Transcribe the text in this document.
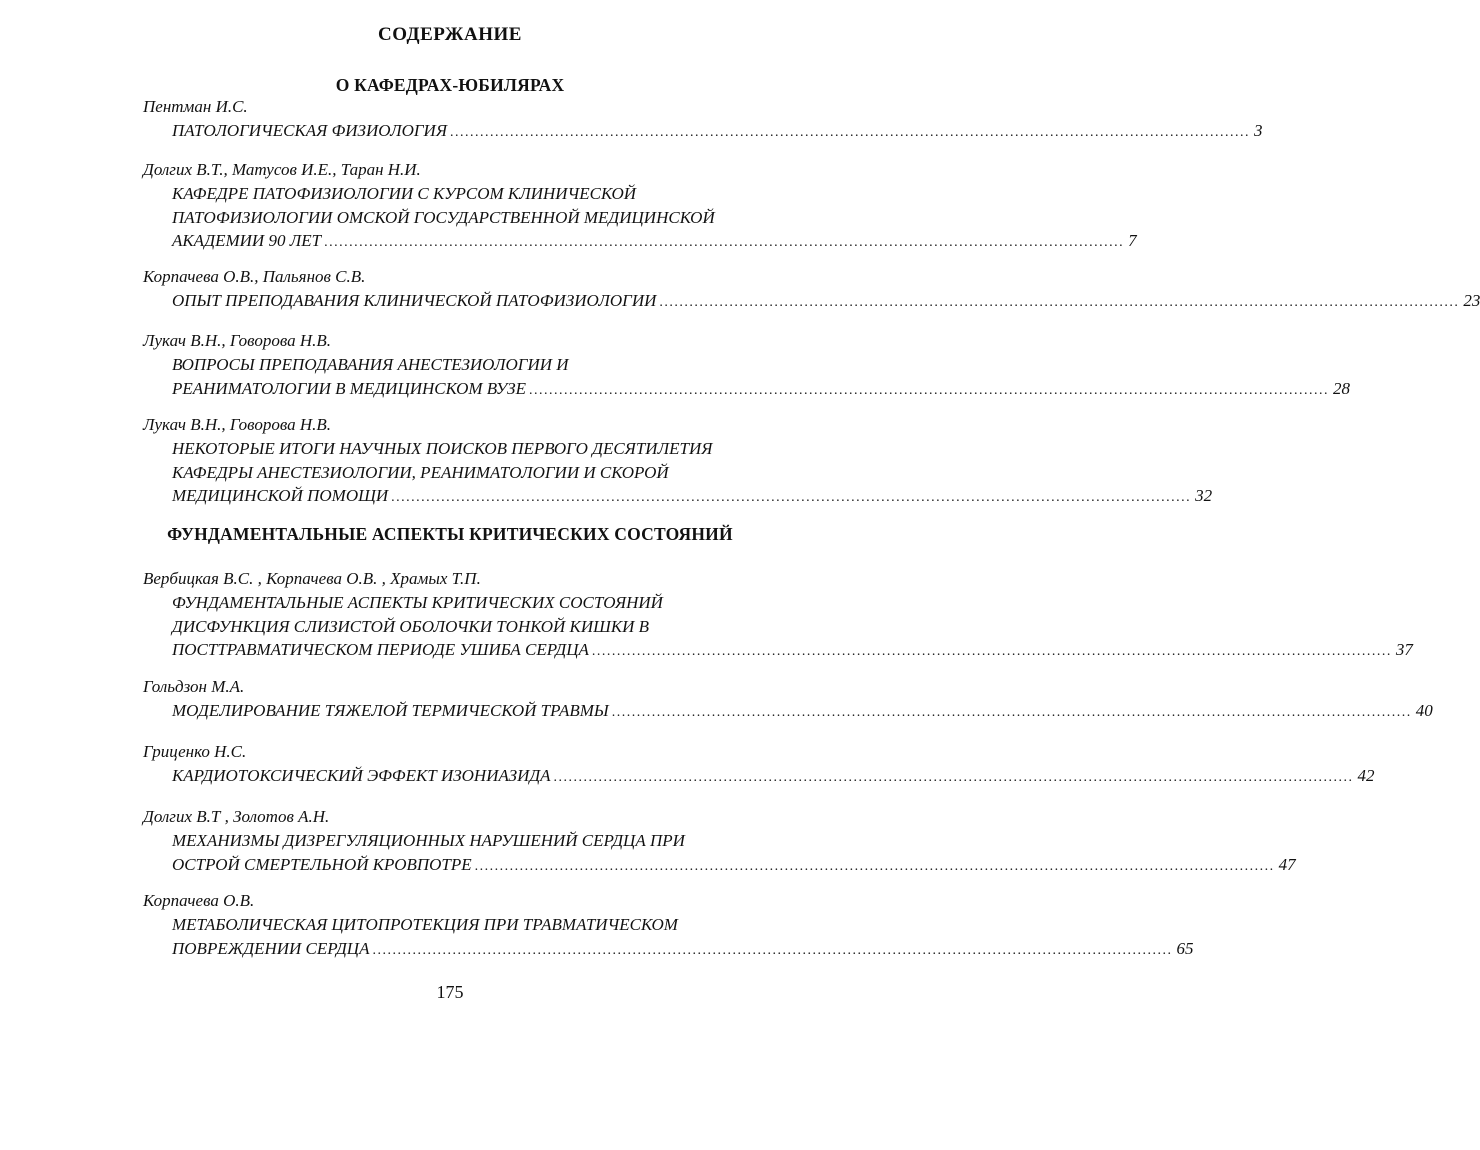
СОДЕРЖАНИЕ
О КАФЕДРАХ-ЮБИЛЯРАХ
Пентман И.С.
ПАТОЛОГИЧЕСКАЯ ФИЗИОЛОГИЯ ................................................................................................................................................................ 3
Долгих В.Т., Матусов И.Е., Таран Н.И.
КАФЕДРЕ ПАТОФИЗИОЛОГИИ С КУРСОМ КЛИНИЧЕСКОЙ
ПАТОФИЗИОЛОГИИ ОМСКОЙ ГОСУДАРСТВЕННОЙ МЕДИЦИНСКОЙ
АКАДЕМИИ 90 ЛЕТ ................................................................................................................................................................ 7
Корпачева О.В., Пальянов С.В.
ОПЫТ ПРЕПОДАВАНИЯ КЛИНИЧЕСКОЙ ПАТОФИЗИОЛОГИИ ................................................................................................................................................................ 23
Лукач В.Н., Говорова Н.В.
ВОПРОСЫ ПРЕПОДАВАНИЯ АНЕСТЕЗИОЛОГИИ И
РЕАНИМАТОЛОГИИ В МЕДИЦИНСКОМ ВУЗЕ ................................................................................................................................................................ 28
Лукач В.Н., Говорова Н.В.
НЕКОТОРЫЕ ИТОГИ НАУЧНЫХ ПОИСКОВ ПЕРВОГО ДЕСЯТИЛЕТИЯ
КАФЕДРЫ АНЕСТЕЗИОЛОГИИ, РЕАНИМАТОЛОГИИ И СКОРОЙ
МЕДИЦИНСКОЙ ПОМОЩИ ................................................................................................................................................................ 32
ФУНДАМЕНТАЛЬНЫЕ АСПЕКТЫ КРИТИЧЕСКИХ СОСТОЯНИЙ
Вербицкая В.С. , Корпачева О.В. , Храмых Т.П.
ФУНДАМЕНТАЛЬНЫЕ АСПЕКТЫ КРИТИЧЕСКИХ СОСТОЯНИЙ
ДИСФУНКЦИЯ СЛИЗИСТОЙ ОБОЛОЧКИ ТОНКОЙ КИШКИ В
ПОСТТРАВМАТИЧЕСКОМ ПЕРИОДЕ УШИБА СЕРДЦА ................................................................................................................................................................ 37
Гольдзон М.А.
МОДЕЛИРОВАНИЕ ТЯЖЕЛОЙ ТЕРМИЧЕСКОЙ ТРАВМЫ ................................................................................................................................................................ 40
Гриценко Н.С.
КАРДИОТОКСИЧЕСКИЙ ЭФФЕКТ ИЗОНИАЗИДА ................................................................................................................................................................ 42
Долгих В.Т , Золотов А.Н.
МЕХАНИЗМЫ ДИЗРЕГУЛЯЦИОННЫХ НАРУШЕНИЙ СЕРДЦА ПРИ
ОСТРОЙ СМЕРТЕЛЬНОЙ КРОВПОТРЕ ................................................................................................................................................................ 47
Корпачева О.В.
МЕТАБОЛИЧЕСКАЯ ЦИТОПРОТЕКЦИЯ ПРИ ТРАВМАТИЧЕСКОМ
ПОВРЕЖДЕНИИ СЕРДЦА ................................................................................................................................................................ 65
175
